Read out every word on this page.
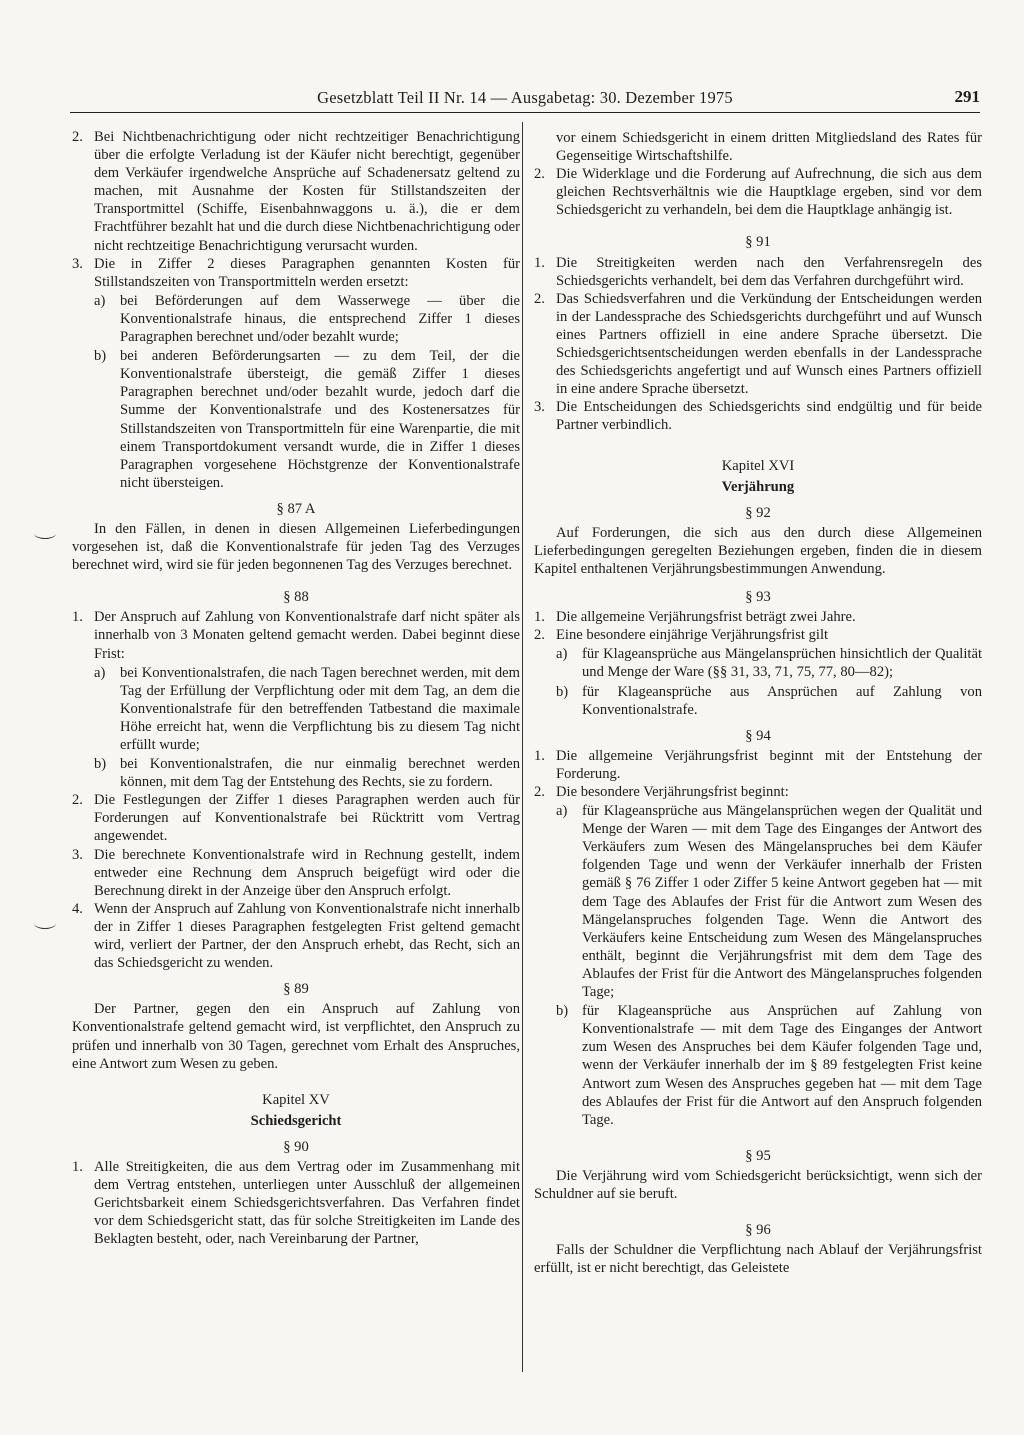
Gesetzblatt Teil II Nr. 14 — Ausgabetag: 30. Dezember 1975	291
2. Bei Nichtbenachrichtigung oder nicht rechtzeitiger Benachrichtigung über die erfolgte Verladung ist der Käufer nicht berechtigt, gegenüber dem Verkäufer irgendwelche Ansprüche auf Schadenersatz geltend zu machen, mit Ausnahme der Kosten für Stillstandszeiten der Transportmittel (Schiffe, Eisenbahnwaggons u. ä.), die er dem Frachtführer bezahlt hat und die durch diese Nichtbenachrichtigung oder nicht rechtzeitige Benachrichtigung verursacht wurden.
3. Die in Ziffer 2 dieses Paragraphen genannten Kosten für Stillstandszeiten von Transportmitteln werden ersetzt:
a)	bei Beförderungen auf dem Wasserwege — über die Konventionalstrafe hinaus, die entsprechend Ziffer 1 dieses Paragraphen berechnet und/oder bezahlt wurde;
b) bei anderen Beförderungsarten — zu dem Teil, der die Konventionalstrafe übersteigt, die gemäß Ziffer 1 dieses Paragraphen berechnet und/oder bezahlt wurde, jedoch darf die Summe der Konventionalstrafe und des Kostenersatzes für Stillstandszeiten von Transportmitteln für eine Warenpartie, die mit einem Transportdokument versandt wurde, die in Ziffer 1 dieses Paragraphen vorgesehene Höchstgrenze der Konventionalstrafe nicht übersteigen.
§ 87 A

In den Fällen, in denen in diesen Allgemeinen Lieferbedingungen vorgesehen ist, daß die Konventionalstrafe für jeden Tag des Verzuges berechnet wird, wird sie für jeden begonnenen Tag des Verzuges berechnet.

§ 88
1. Der Anspruch auf Zahlung von Konventionalstrafe darf nicht später als innerhalb von 3 Monaten geltend gemacht werden. Dabei beginnt diese Frist:
a)	bei Konventionalstrafen, die nach Tagen berechnet werden, mit dem Tag der Erfüllung der Verpflichtung oder mit dem Tag, an dem die Konventionalstrafe für den betreffenden Tatbestand die maximale Höhe erreicht hat, wenn die Verpflichtung bis zu diesem Tag nicht erfüllt wurde;
b) bei Konventionalstrafen, die nur einmalig berechnet werden können, mit dem Tag der Entstehung des Rechts, sie zu fordern.
2. Die Festlegungen der Ziffer 1 dieses Paragraphen werden auch für Forderungen auf Konventionalstrafe bei Rücktritt vom Vertrag angewendet.
3. Die berechnete Konventionalstrafe wird in Rechnung gestellt, indem entweder eine Rechnung dem Anspruch beigefügt wird oder die Berechnung direkt in der Anzeige über den Anspruch erfolgt.
4. Wenn der Anspruch auf Zahlung von Konventionalstrafe nicht innerhalb der in Ziffer 1 dieses Paragraphen festgelegten Frist geltend gemacht wird, verliert der Partner, der den Anspruch erhebt, das Recht, sich an das Schiedsgericht zu wenden.
§ 89

Der Partner, gegen den ein Anspruch auf Zahlung von Konventionalstrafe geltend gemacht wird, ist verpflichtet, den Anspruch zu prüfen und innerhalb von 30 Tagen, gerechnet vom Erhalt des Anspruches, eine Antwort zum Wesen zu geben.

Kapitel XV
Schiedsgericht
§ 90
1. Alle Streitigkeiten, die aus dem Vertrag oder im Zusammenhang mit dem Vertrag entstehen, unterliegen unter Ausschluß der allgemeinen Gerichtsbarkeit einem Schiedsgerichtsverfahren. Das Verfahren findet vor dem Schiedsgericht statt, das für solche Streitigkeiten im Lande des Beklagten besteht, oder, nach Vereinbarung der Partner,
vor einem Schiedsgericht in einem dritten Mitgliedsland des Rates für Gegenseitige Wirtschaftshilfe.
2. Die Widerklage und die Forderung auf Aufrechnung, die sich aus dem gleichen Rechtsverhältnis wie die Hauptklage ergeben, sind vor dem Schiedsgericht zu verhandeln, bei dem die Hauptklage anhängig ist.
§ 91
1. Die Streitigkeiten werden nach den Verfahrensregeln des Schiedsgerichts verhandelt, bei dem das Verfahren durchgeführt wird.
2. Das Schiedsverfahren und die Verkündung der Entscheidungen werden in der Landessprache des Schiedsgerichts durchgeführt und auf Wunsch eines Partners offiziell in eine andere Sprache übersetzt. Die Schiedsgerichtsentscheidungen werden ebenfalls in der Landessprache des Schiedsgerichts angefertigt und auf Wunsch eines Partners offiziell in eine andere Sprache übersetzt.
3. Die Entscheidungen des Schiedsgerichts sind endgültig und für beide Partner verbindlich.
Kapitel XVI
Verjährung
§ 92

Auf Forderungen, die sich aus den durch diese Allgemeinen Lieferbedingungen geregelten Beziehungen ergeben, finden die in diesem Kapitel enthaltenen Verjährungsbestimmungen Anwendung.

§ 93
1. Die allgemeine Verjährungsfrist beträgt zwei Jahre.
2. Eine besondere einjährige Verjährungsfrist gilt
a)	für Klageansprüche aus Mängelansprüchen hinsichtlich der Qualität und Menge der Ware (§§ 31, 33, 71, 75, 77, 80—82);
b) für Klageansprüche aus Ansprüchen auf Zahlung von Konventionalstrafe.
§ 94
1. Die allgemeine Verjährungsfrist beginnt mit der Entstehung der Forderung.
2. Die besondere Verjährungsfrist beginnt:
a)	für Klageansprüche aus Mängelansprüchen wegen der Qualität und Menge der Waren — mit dem Tage des Einganges der Antwort des Verkäufers zum Wesen des Mängelanspruches bei dem Käufer folgenden Tage und wenn der Verkäufer innerhalb der Fristen gemäß § 76 Ziffer 1 oder Ziffer 5 keine Antwort gegeben hat — mit dem Tage des Ablaufes der Frist für die Antwort zum Wesen des Mängelanspruches folgenden Tage. Wenn die Antwort des Verkäufers keine Entscheidung zum Wesen des Mängelanspruches enthält, beginnt die Verjährungsfrist mit dem dem Tage des Ablaufes der Frist für die Antwort des Mängelanspruches folgenden Tage;
b) für Klageansprüche aus Ansprüchen auf Zahlung von Konventionalstrafe — mit dem Tage des Einganges der Antwort zum Wesen des Anspruches bei dem Käufer folgenden Tage und, wenn der Verkäufer innerhalb der im § 89 festgelegten Frist keine Antwort zum Wesen des Anspruches gegeben hat — mit dem Tage des Ablaufes der Frist für die Antwort auf den Anspruch folgenden Tage.
§ 95

Die Verjährung wird vom Schiedsgericht berücksichtigt, wenn sich der Schuldner auf sie beruft.

§ 96

Falls der Schuldner die Verpflichtung nach Ablauf der Verjährungsfrist erfüllt, ist er nicht berechtigt, das Geleistete
